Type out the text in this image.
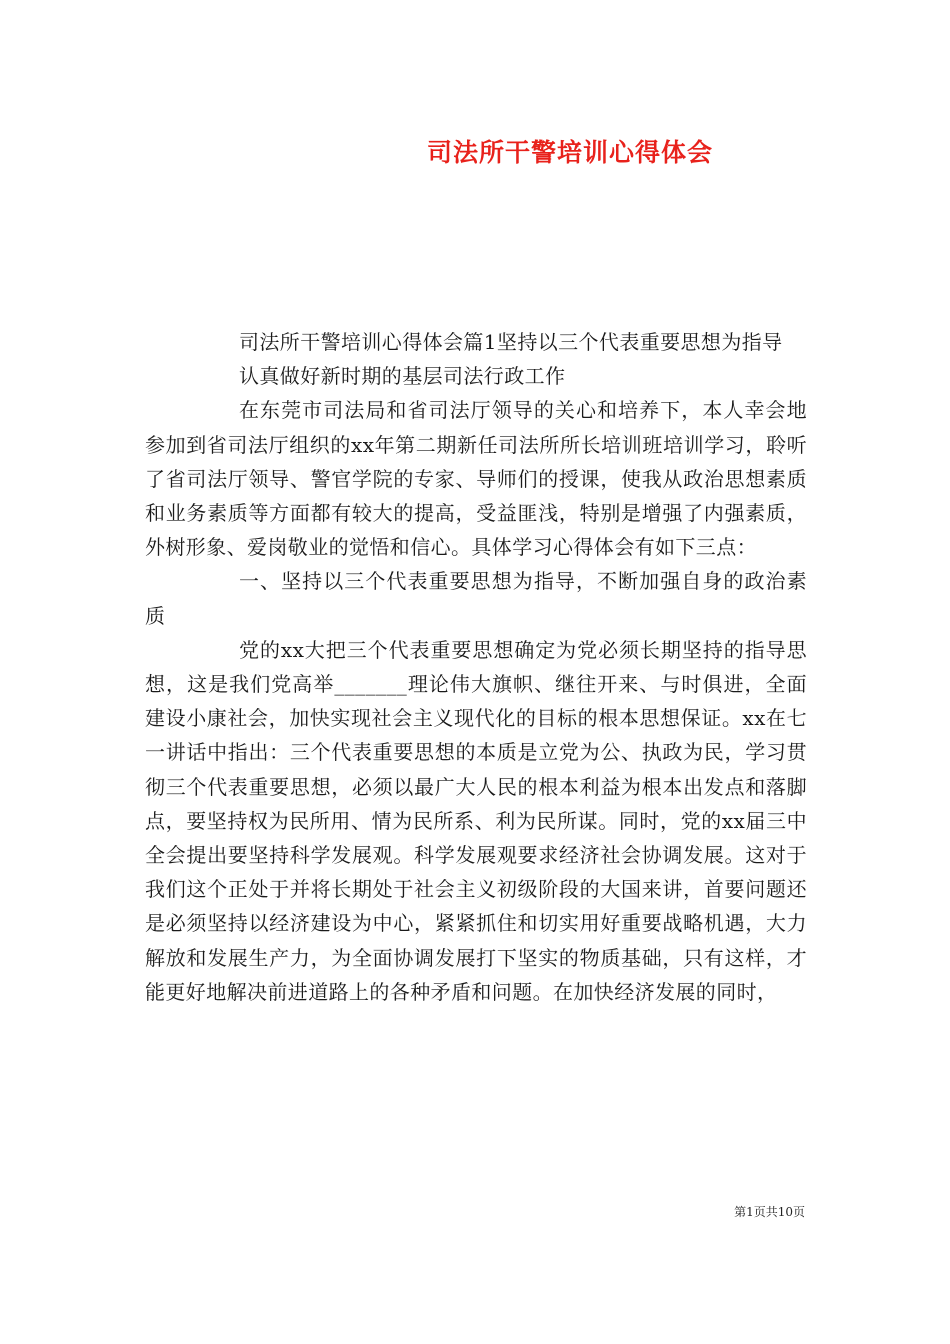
司法所干警培训心得体会

司法所干警培训心得体会篇1坚持以三个代表重要思想为指导

认真做好新时期的基层司法行政工作

在东莞市司法局和省司法厅领导的关心和培养下，本人幸会地参加到省司法厅组织的xx年第二期新任司法所所长培训班培训学习，聆听了省司法厅领导、警官学院的专家、导师们的授课，使我从政治思想素质和业务素质等方面都有较大的提高，受益匪浅，特别是增强了内强素质，外树形象、爱岗敬业的觉悟和信心。具体学习心得体会有如下三点：

一、坚持以三个代表重要思想为指导，不断加强自身的政治素质

党的xx大把三个代表重要思想确定为党必须长期坚持的指导思想，这是我们党高举_______理论伟大旗帜、继往开来、与时俱进，全面建设小康社会，加快实现社会主义现代化的目标的根本思想保证。xx在七一讲话中指出：三个代表重要思想的本质是立党为公、执政为民，学习贯彻三个代表重要思想，必须以最广大人民的根本利益为根本出发点和落脚点，要坚持权为民所用、情为民所系、利为民所谋。同时，党的xx届三中全会提出要坚持科学发展观。科学发展观要求经济社会协调发展。这对于我们这个正处于并将长期处于社会主义初级阶段的大国来讲，首要问题还是必须坚持以经济建设为中心，紧紧抓住和切实用好重要战略机遇，大力解放和发展生产力，为全面协调发展打下坚实的物质基础，只有这样，才能更好地解决前进道路上的各种矛盾和问题。在加快经济发展的同时，

第1页共10页
